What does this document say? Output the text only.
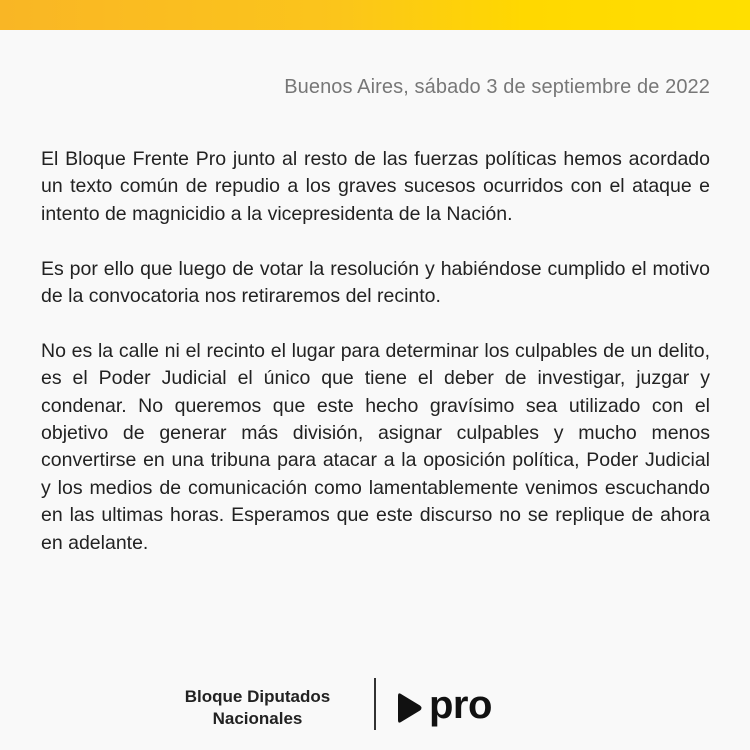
Buenos Aires, sábado 3 de septiembre de 2022

El Bloque Frente Pro junto al resto de las fuerzas políticas hemos acordado un texto común de repudio a los graves sucesos ocurridos con el ataque e intento de magnicidio a la vicepresidenta de la Nación.

Es por ello que luego de votar la resolución y habiéndose cumplido el motivo de la convocatoria nos retiraremos del recinto.

No es la calle ni el recinto el lugar para determinar los culpables de un delito, es el Poder Judicial el único que tiene el deber de investigar, juzgar y condenar. No queremos que este hecho gravísimo sea utilizado con el objetivo de generar más división, asignar culpables y mucho menos convertirse en una tribuna para atacar a la oposición política, Poder Judicial y los medios de comunicación como lamentablemente venimos escuchando en las ultimas horas. Esperamos que este discurso no se replique de ahora en adelante.

Bloque Diputados
Nacionales	pro
